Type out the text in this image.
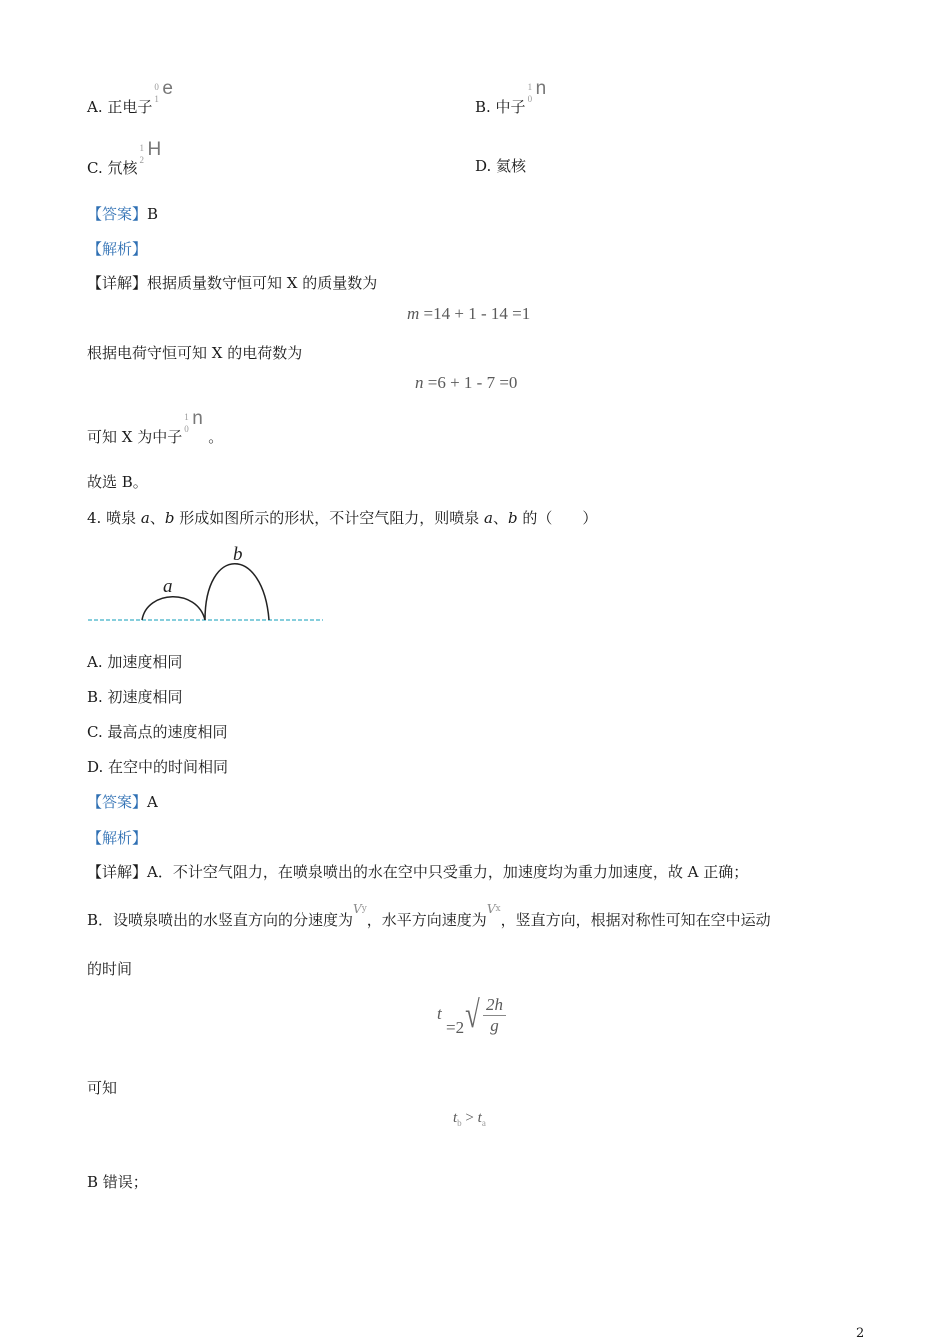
A. 正电子
0
1 e
B. 中子
1
0 n
C. 氘核
1
2 H
D. 氦核
【答案】B
【解析】
【详解】根据质量数守恒可知 X 的质量数为
m =14 + 1 - 14 =1
根据电荷守恒可知 X 的电荷数为
n =6 + 1 - 7 =0
可知 X 为中子
1
0 n
。
故选 B。
4. 喷泉 a、b 形成如图所示的形状，不计空气阻力，则喷泉 a、b 的（　　）
a
b
A. 加速度相同
B. 初速度相同
C. 最高点的速度相同
D. 在空中的时间相同
【答案】A
【解析】
【详解】A．不计空气阻力，在喷泉喷出的水在空中只受重力，加速度均为重力加速度，故 A 正确；
B．设喷泉喷出的水竖直方向的分速度为$^{Vy}$，水平方向速度为$^{Vx}$，竖直方向，根据对称性可知在空中运动
的时间
$t =2√ \frac{2h}{g}$
可知
$t_b > t_a$
B 错误；
2
